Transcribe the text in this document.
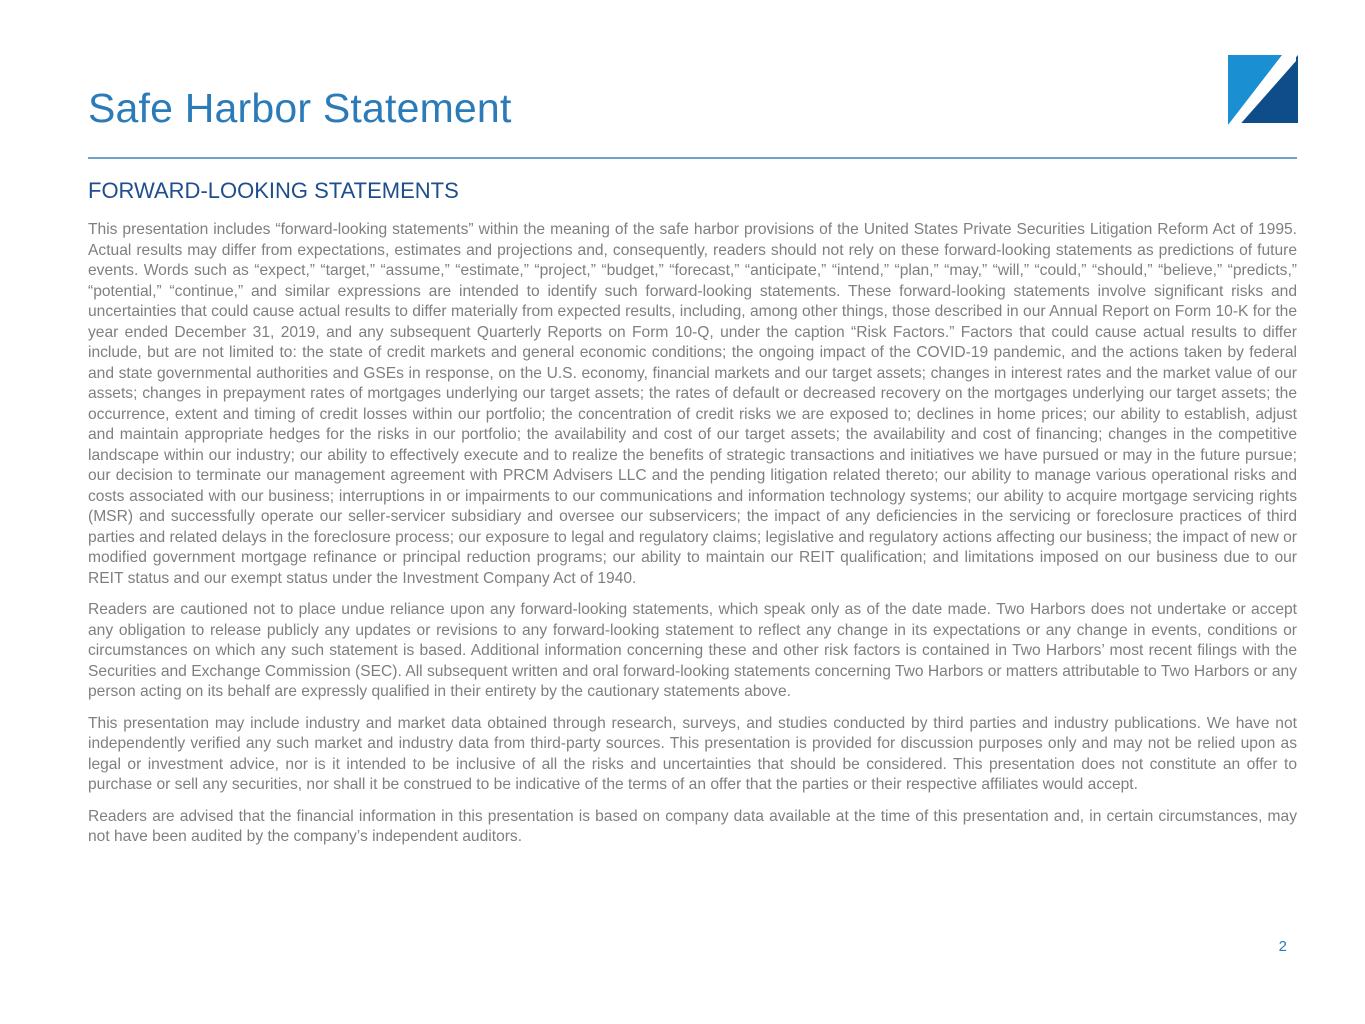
Safe Harbor Statement
FORWARD-LOOKING STATEMENTS

This presentation includes “forward-looking statements” within the meaning of the safe harbor provisions of the United States Private Securities Litigation Reform Act of 1995. Actual results may differ from expectations, estimates and projections and, consequently, readers should not rely on these forward-looking statements as predictions of future events. Words such as “expect,” “target,” “assume,” “estimate,” “project,” “budget,” “forecast,” “anticipate,” “intend,” “plan,” “may,” “will,” “could,” “should,” “believe,” “predicts,” “potential,” “continue,” and similar expressions are intended to identify such forward-looking statements. These forward-looking statements involve significant risks and uncertainties that could cause actual results to differ materially from expected results, including, among other things, those described in our Annual Report on Form 10-K for the year ended December 31, 2019, and any subsequent Quarterly Reports on Form 10-Q, under the caption “Risk Factors.” Factors that could cause actual results to differ include, but are not limited to: the state of credit markets and general economic conditions; the ongoing impact of the COVID-19 pandemic, and the actions taken by federal and state governmental authorities and GSEs in response, on the U.S. economy, financial markets and our target assets; changes in interest rates and the market value of our assets; changes in prepayment rates of mortgages underlying our target assets; the rates of default or decreased recovery on the mortgages underlying our target assets; the occurrence, extent and timing of credit losses within our portfolio; the concentration of credit risks we are exposed to; declines in home prices; our ability to establish, adjust and maintain appropriate hedges for the risks in our portfolio; the availability and cost of our target assets; the availability and cost of financing; changes in the competitive landscape within our industry; our ability to effectively execute and to realize the benefits of strategic transactions and initiatives we have pursued or may in the future pursue; our decision to terminate our management agreement with PRCM Advisers LLC and the pending litigation related thereto; our ability to manage various operational risks and costs associated with our business; interruptions in or impairments to our communications and information technology systems; our ability to acquire mortgage servicing rights (MSR) and successfully operate our seller-servicer subsidiary and oversee our subservicers; the impact of any deficiencies in the servicing or foreclosure practices of third parties and related delays in the foreclosure process; our exposure to legal and regulatory claims; legislative and regulatory actions affecting our business; the impact of new or modified government mortgage refinance or principal reduction programs; our ability to maintain our REIT qualification; and limitations imposed on our business due to our REIT status and our exempt status under the Investment Company Act of 1940.

Readers are cautioned not to place undue reliance upon any forward-looking statements, which speak only as of the date made. Two Harbors does not undertake or accept any obligation to release publicly any updates or revisions to any forward-looking statement to reflect any change in its expectations or any change in events, conditions or circumstances on which any such statement is based. Additional information concerning these and other risk factors is contained in Two Harbors’ most recent filings with the Securities and Exchange Commission (SEC). All subsequent written and oral forward-looking statements concerning Two Harbors or matters attributable to Two Harbors or any person acting on its behalf are expressly qualified in their entirety by the cautionary statements above.

This presentation may include industry and market data obtained through research, surveys, and studies conducted by third parties and industry publications. We have not independently verified any such market and industry data from third-party sources. This presentation is provided for discussion purposes only and may not be relied upon as legal or investment advice, nor is it intended to be inclusive of all the risks and uncertainties that should be considered. This presentation does not constitute an offer to purchase or sell any securities, nor shall it be construed to be indicative of the terms of an offer that the parties or their respective affiliates would accept.

Readers are advised that the financial information in this presentation is based on company data available at the time of this presentation and, in certain circumstances, may not have been audited by the company’s independent auditors.

2
